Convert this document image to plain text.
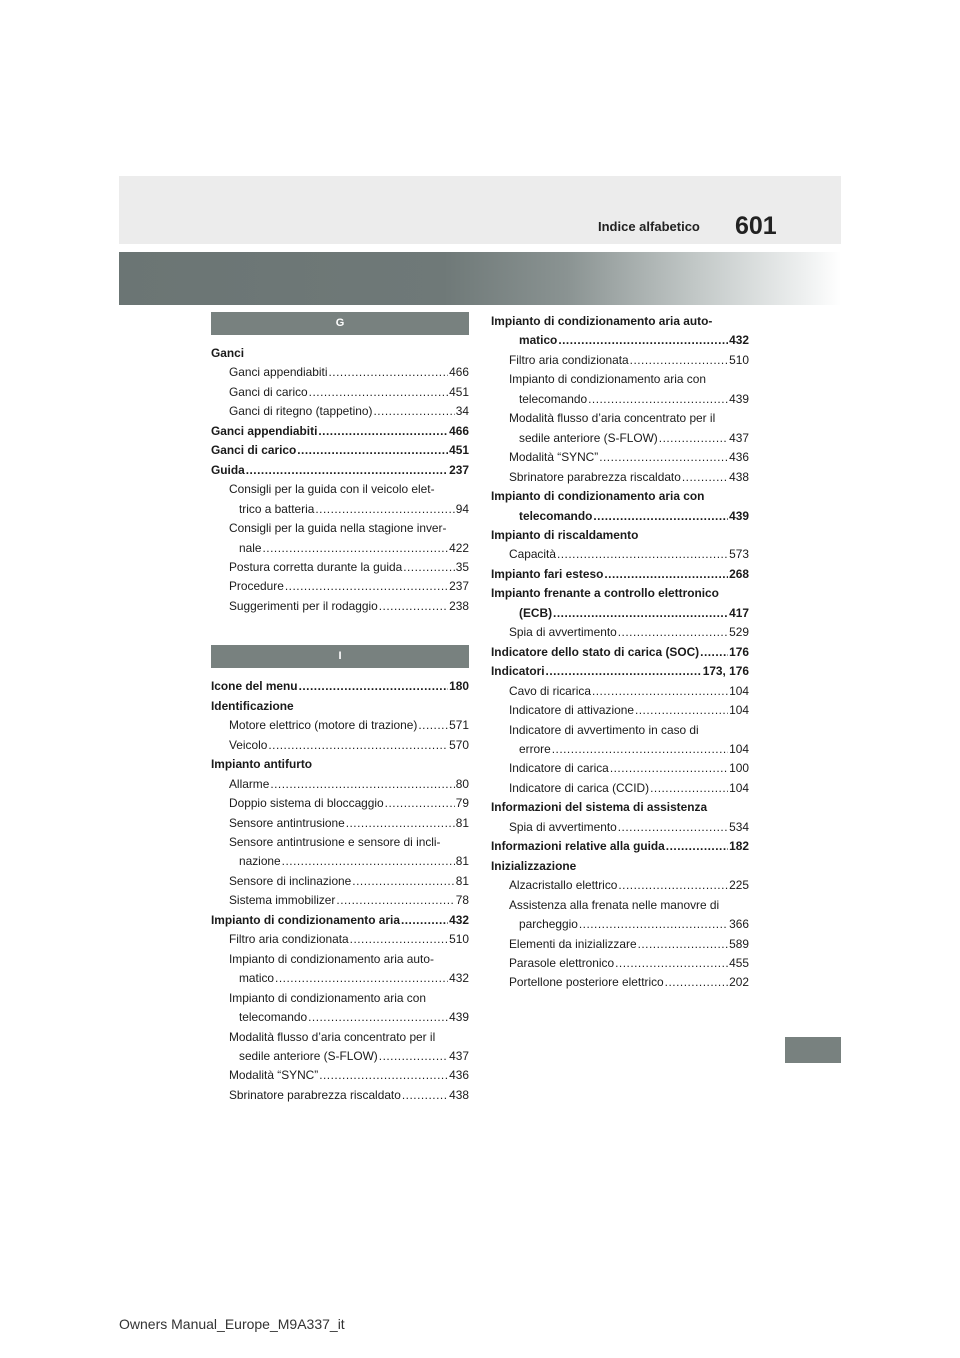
Indice alfabetico 601
G
Ganci
Ganci appendiabiti .....	466
Ganci di carico .....	451
Ganci di ritegno (tappetino) .....	34
Ganci appendiabiti .....	466
Ganci di carico .....	451
Guida .....	237
Consigli per la guida con il veicolo elet-
trico a batteria .....	94
Consigli per la guida nella stagione inver-
nale .....	422
Postura corretta durante la guida .....	35
Procedure .....	237
Suggerimenti per il rodaggio .....	238
I
Icone del menu .....	180
Identificazione
Motore elettrico (motore di trazione) .....	571
Veicolo .....	570
Impianto antifurto
Allarme .....	80
Doppio sistema di bloccaggio .....	79
Sensore antintrusione .....	81
Sensore antintrusione e sensore di incli-
nazione .....	81
Sensore di inclinazione .....	81
Sistema immobilizer .....	78
Impianto di condizionamento aria .....	432
Filtro aria condizionata .....	510
Impianto di condizionamento aria auto-
matico .....	432
Impianto di condizionamento aria con
telecomando .....	439
Modalità flusso d’aria concentrato per il
sedile anteriore (S-FLOW) .....	437
Modalità “SYNC” .....	436
Sbrinatore parabrezza riscaldato .....	438
Impianto di condizionamento aria auto-
matico .....	432
Filtro aria condizionata .....	510
Impianto di condizionamento aria con
telecomando .....	439
Modalità flusso d’aria concentrato per il
sedile anteriore (S-FLOW) .....	437
Modalità “SYNC” .....	436
Sbrinatore parabrezza riscaldato .....	438
Impianto di condizionamento aria con
telecomando .....	439
Impianto di riscaldamento
Capacità .....	573
Impianto fari esteso .....	268
Impianto frenante a controllo elettronico
(ECB) .....	417
Spia di avvertimento .....	529
Indicatore dello stato di carica (SOC) .....	176
Indicatori .....	173, 176
Cavo di ricarica .....	104
Indicatore di attivazione .....	104
Indicatore di avvertimento in caso di
errore .....	104
Indicatore di carica .....	100
Indicatore di carica (CCID) .....	104
Informazioni del sistema di assistenza
Spia di avvertimento .....	534
Informazioni relative alla guida .....	182
Inizializzazione
Alzacristallo elettrico .....	225
Assistenza alla frenata nelle manovre di
parcheggio .....	366
Elementi da inizializzare .....	589
Parasole elettronico .....	455
Portellone posteriore elettrico .....	202
Owners Manual_Europe_M9A337_it
